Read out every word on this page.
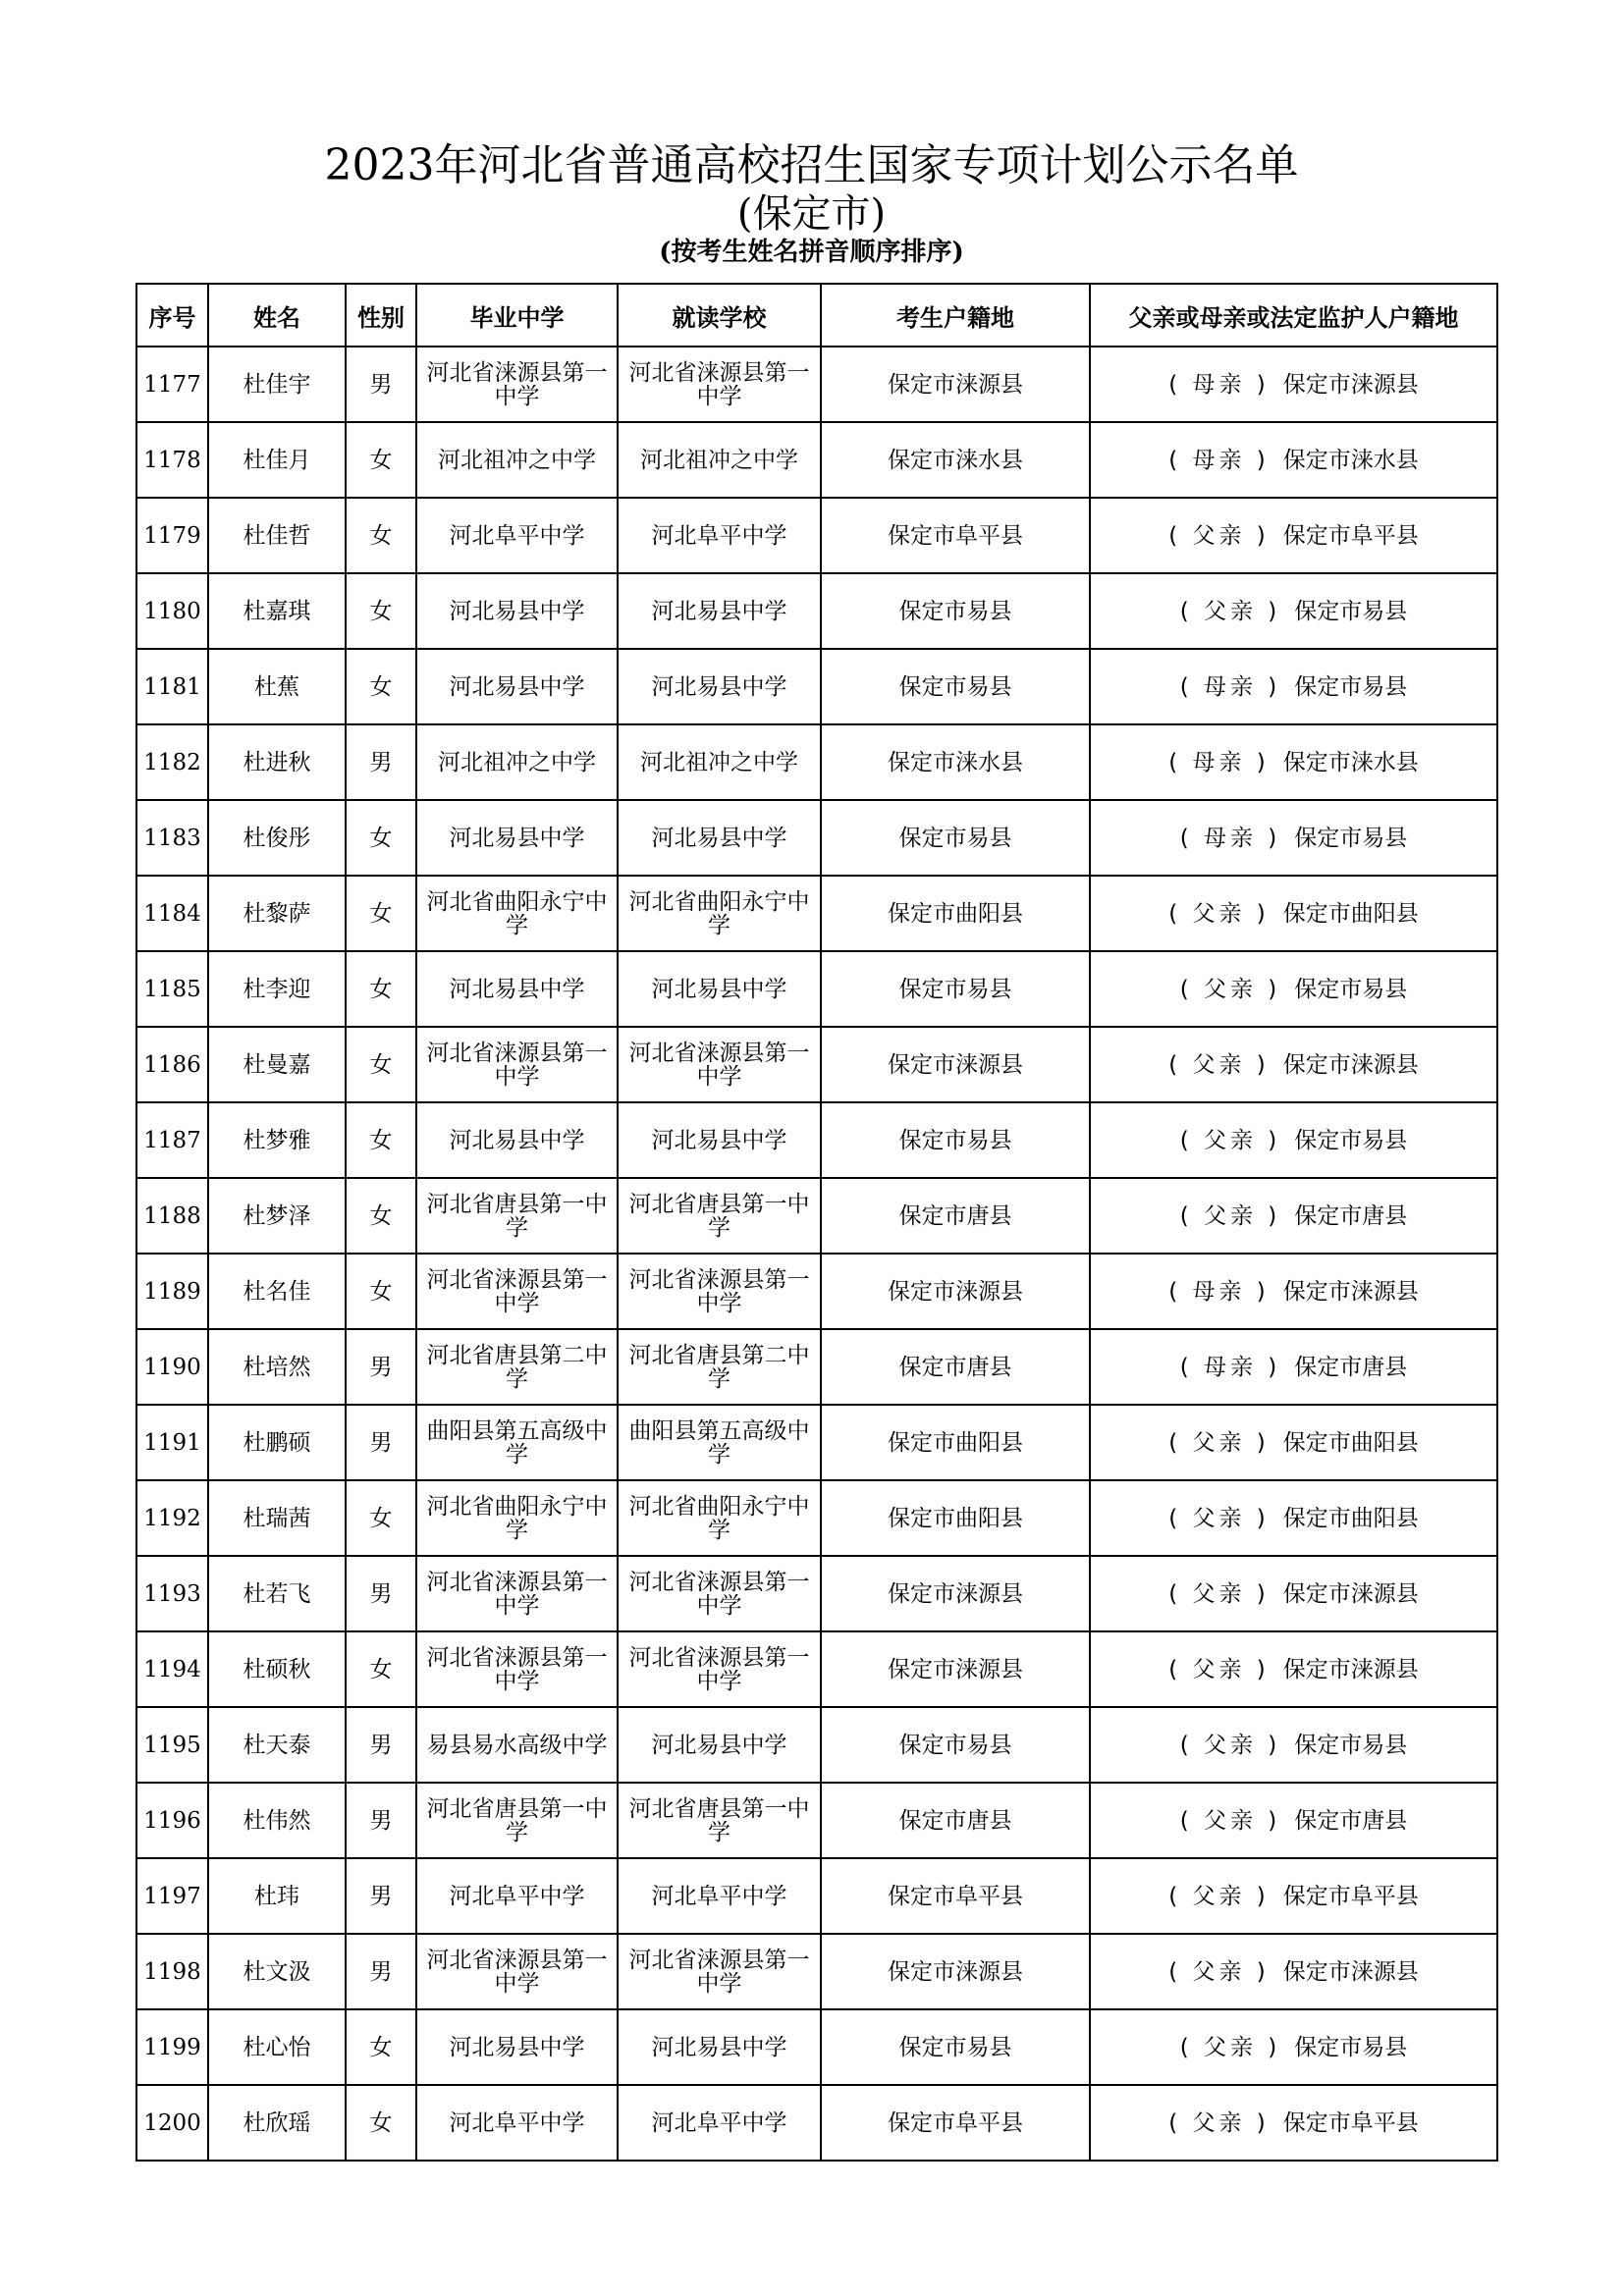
2023年河北省普通高校招生国家专项计划公示名单
(保定市)
(按考生姓名拼音顺序排序)
序号	姓名	性别	毕业中学	就读学校	考生户籍地	父亲或母亲或法定监护人户籍地
1177	杜佳宇	男	河北省涞源县第一中学	河北省涞源县第一中学	保定市涞源县	( 母亲 ) 保定市涞源县
1178	杜佳月	女	河北祖冲之中学	河北祖冲之中学	保定市涞水县	( 母亲 ) 保定市涞水县
1179	杜佳哲	女	河北阜平中学	河北阜平中学	保定市阜平县	( 父亲 ) 保定市阜平县
1180	杜嘉琪	女	河北易县中学	河北易县中学	保定市易县	( 父亲 ) 保定市易县
1181	杜蕉	女	河北易县中学	河北易县中学	保定市易县	( 母亲 ) 保定市易县
1182	杜进秋	男	河北祖冲之中学	河北祖冲之中学	保定市涞水县	( 母亲 ) 保定市涞水县
1183	杜俊彤	女	河北易县中学	河北易县中学	保定市易县	( 母亲 ) 保定市易县
1184	杜黎萨	女	河北省曲阳永宁中学	河北省曲阳永宁中学	保定市曲阳县	( 父亲 ) 保定市曲阳县
1185	杜李迎	女	河北易县中学	河北易县中学	保定市易县	( 父亲 ) 保定市易县
1186	杜曼嘉	女	河北省涞源县第一中学	河北省涞源县第一中学	保定市涞源县	( 父亲 ) 保定市涞源县
1187	杜梦雅	女	河北易县中学	河北易县中学	保定市易县	( 父亲 ) 保定市易县
1188	杜梦泽	女	河北省唐县第一中学	河北省唐县第一中学	保定市唐县	( 父亲 ) 保定市唐县
1189	杜名佳	女	河北省涞源县第一中学	河北省涞源县第一中学	保定市涞源县	( 母亲 ) 保定市涞源县
1190	杜培然	男	河北省唐县第二中学	河北省唐县第二中学	保定市唐县	( 母亲 ) 保定市唐县
1191	杜鹏硕	男	曲阳县第五高级中学	曲阳县第五高级中学	保定市曲阳县	( 父亲 ) 保定市曲阳县
1192	杜瑞茜	女	河北省曲阳永宁中学	河北省曲阳永宁中学	保定市曲阳县	( 父亲 ) 保定市曲阳县
1193	杜若飞	男	河北省涞源县第一中学	河北省涞源县第一中学	保定市涞源县	( 父亲 ) 保定市涞源县
1194	杜硕秋	女	河北省涞源县第一中学	河北省涞源县第一中学	保定市涞源县	( 父亲 ) 保定市涞源县
1195	杜天泰	男	易县易水高级中学	河北易县中学	保定市易县	( 父亲 ) 保定市易县
1196	杜伟然	男	河北省唐县第一中学	河北省唐县第一中学	保定市唐县	( 父亲 ) 保定市唐县
1197	杜玮	男	河北阜平中学	河北阜平中学	保定市阜平县	( 父亲 ) 保定市阜平县
1198	杜文汲	男	河北省涞源县第一中学	河北省涞源县第一中学	保定市涞源县	( 父亲 ) 保定市涞源县
1199	杜心怡	女	河北易县中学	河北易县中学	保定市易县	( 父亲 ) 保定市易县
1200	杜欣瑶	女	河北阜平中学	河北阜平中学	保定市阜平县	( 父亲 ) 保定市阜平县
